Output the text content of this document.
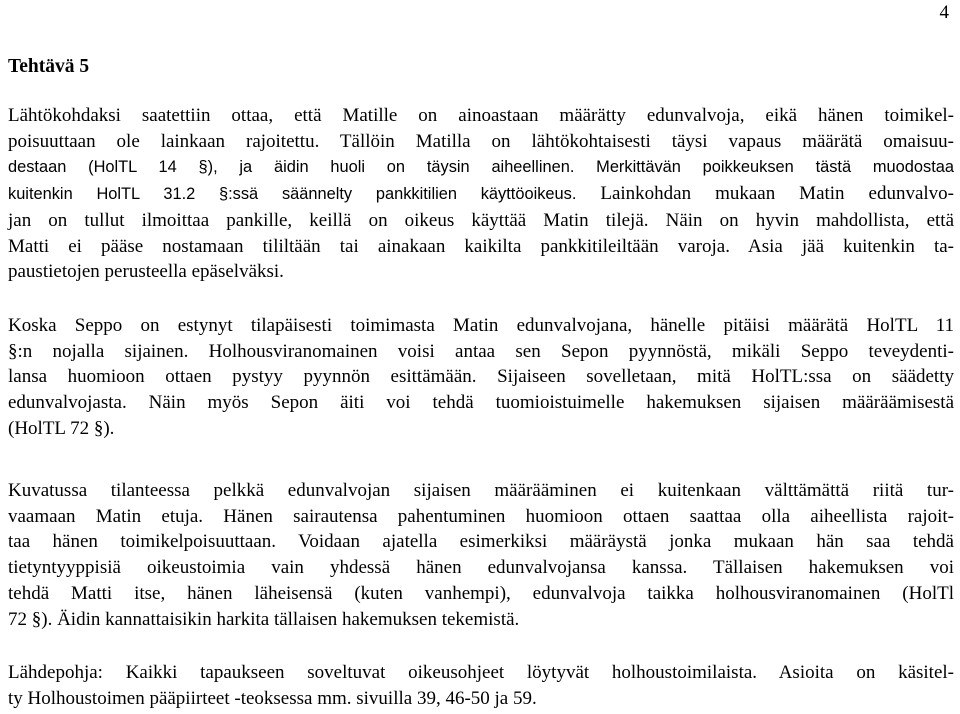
4
Tehtävä 5
Lähtökohdaksi saatettiin ottaa, että Matille on ainoastaan määrätty edunvalvoja, eikä hänen toimikel-
poisuuttaan ole lainkaan rajoitettu. Tällöin Matilla on lähtökohtaisesti täysi vapaus määrätä omaisuu-
destaan (HolTL 14 §), ja äidin huoli on täysin aiheellinen. Merkittävän poikkeuksen tästä muodostaa
kuitenkin HolTL 31.2 §:ssä säännelty pankkitilien käyttöoikeus. Lainkohdan mukaan Matin edunvalvo-
jan on tullut ilmoittaa pankille, keillä on oikeus käyttää Matin tilejä. Näin on hyvin mahdollista, että
Matti ei pääse nostamaan tililtään tai ainakaan kaikilta pankkitileiltään varoja. Asia jää kuitenkin ta-
paustietojen perusteella epäselväksi.
Koska Seppo on estynyt tilapäisesti toimimasta Matin edunvalvojana, hänelle pitäisi määrätä HolTL 11
§:n nojalla sijainen. Holhousviranomainen voisi antaa sen Sepon pyynnöstä, mikäli Seppo teveydenti-
lansa huomioon ottaen pystyy pyynnön esittämään. Sijaiseen sovelletaan, mitä HolTL:ssa on säädetty
edunvalvojasta. Näin myös Sepon äiti voi tehdä tuomioistuimelle hakemuksen sijaisen määräämisestä
(HolTL 72 §).
Kuvatussa tilanteessa pelkkä edunvalvojan sijaisen määrääminen ei kuitenkaan välttämättä riitä tur-
vaamaan Matin etuja. Hänen sairautensa pahentuminen huomioon ottaen saattaa olla aiheellista rajoit-
taa hänen toimikelpoisuuttaan. Voidaan ajatella esimerkiksi määräystä jonka mukaan hän saa tehdä
tietyntyyppisiä oikeustoimia vain yhdessä hänen edunvalvojansa kanssa. Tällaisen hakemuksen voi
tehdä Matti itse, hänen läheisensä (kuten vanhempi), edunvalvoja taikka holhousviranomainen (HolTl
72 §). Äidin kannattaisikin harkita tällaisen hakemuksen tekemistä.
Lähdepohja: Kaikki tapaukseen soveltuvat oikeusohjeet löytyvät holhoustoimilaista. Asioita on käsitel-
ty Holhoustoimen pääpiirteet -teoksessa mm. sivuilla 39, 46-50 ja 59.
